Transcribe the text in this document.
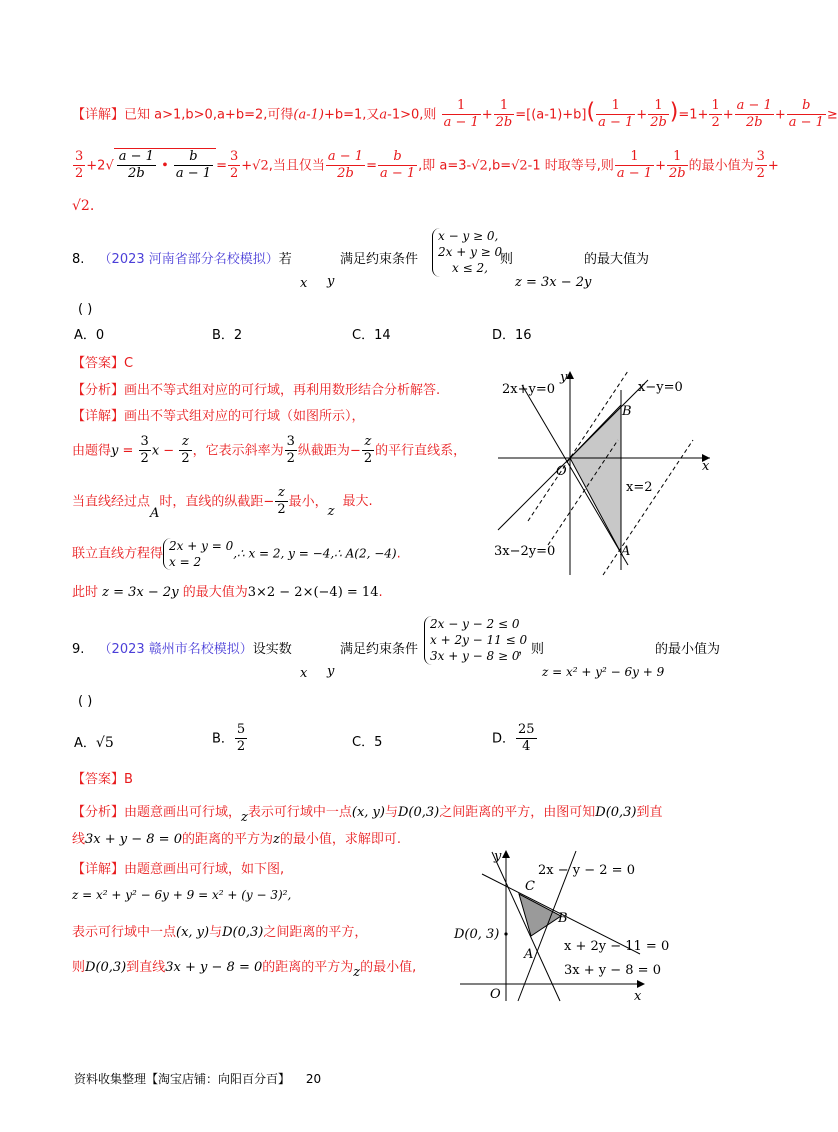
【详解】已知 a>1,b>0,a+b=2,可得(a-1)+b=1,又a-1>0,则 $\frac{1}{a - 1} + \frac{1}{2b} =[(a-1)+b]( \frac{1}{a - 1} + \frac{1}{2b} )=1+ \frac{1}{2} + \frac{a - 1}{2b} + \frac{b}{a - 1}$ ≥
$\frac{3}{2} +2√ \frac{a - 1}{2b}$ • $\frac{b}{a - 1} = \frac{3}{2} +√2$,当且仅当 $\frac{a - 1}{2b} = \frac{b}{a - 1}$ ,即 a=3-√2,b=√2-1 时取等号,则 $\frac{1}{a - 1} + \frac{1}{2b}$ 的最小值为 $\frac{3}{2}$ +
√2.
8. （2023 河南省部分名校模拟）若
x y
满足约束条件
x − y ≥ 0,
2x + y ≥ 0,
x ≤ 2,
则
z = 3x − 2y
的最大值为
( )
A．0	B．2	C．14	D．16
【答案】C
【分析】画出不等式组对应的可行域，再利用数形结合分析解答.
【详解】画出不等式组对应的可行域（如图所示），
由题得$y = \frac{3}{2}$ $x - \frac{z}{2}$ ，它表示斜率为 $\frac{3}{2}$ 纵截距为− $\frac{z}{2}$ 的平行直线系，
当直线经过点A时，直线的纵截距− $\frac{z}{2}$ 最小，z最大.
联立直线方程得
2x + y = 0
x = 2
,∴ x = 2, y = −4,∴ A(2, −4).
此时 z = 3x − 2y 的最大值为3×2 − 2×(−4) = 14.
2x+y=0	x−y=0
x=2
3x−2y=0
B
A
O	x
y
9. （2023 赣州市名校模拟）设实数
x y
满足约束条件
2x − y − 2 ≤ 0
x + 2y − 11 ≤ 0
3x + y − 8 ≥ 0
，则
z = x² + y² − 6y + 9
的最小值为
( )
A．√5	B． $\frac{5}{2}$	C．5	D． $\frac{25}{4}$
【答案】B
【分析】由题意画出可行域，z表示可行域中一点(x, y)与D(0,3)之间距离的平方，由图可知D(0,3)到直
线3x + y − 8 = 0的距离的平方为z的最小值，求解即可.
【详解】由题意画出可行域，如下图,
z = x² + y² − 6y + 9 = x² + (y − 3)²,
表示可行域中一点(x, y)与D(0,3)之间距离的平方，
则D(0,3)到直线3x + y − 8 = 0的距离的平方为z的最小值,
2x − y − 2 = 0
x + 2y − 11 = 0
3x + y − 8 = 0
D(0, 3)
C
B
A
O	x
y
资料收集整理【淘宝店铺：向阳百分百】 20
